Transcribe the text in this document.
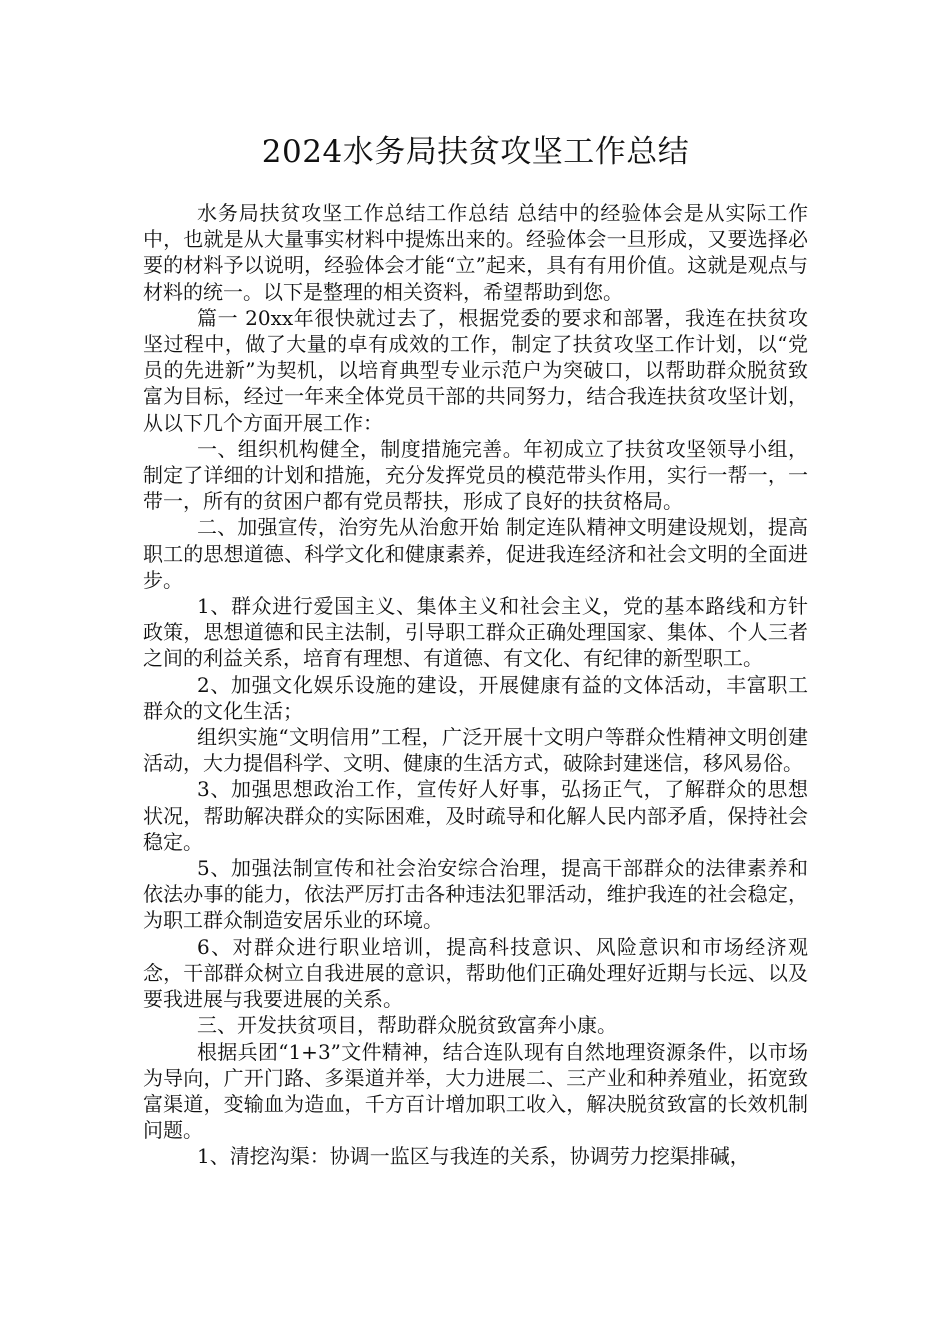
2024水务局扶贫攻坚工作总结

水务局扶贫攻坚工作总结工作总结 总结中的经验体会是从实际工作中，也就是从大量事实材料中提炼出来的。经验体会一旦形成，又要选择必要的材料予以说明，经验体会才能“立”起来，具有有用价值。这就是观点与材料的统一。以下是整理的相关资料，希望帮助到您。

篇一 20xx年很快就过去了，根据党委的要求和部署，我连在扶贫攻坚过程中，做了大量的卓有成效的工作，制定了扶贫攻坚工作计划，以“党员的先进新”为契机，以培育典型专业示范户为突破口，以帮助群众脱贫致富为目标，经过一年来全体党员干部的共同努力，结合我连扶贫攻坚计划，从以下几个方面开展工作：

一、组织机构健全，制度措施完善。年初成立了扶贫攻坚领导小组，制定了详细的计划和措施，充分发挥党员的模范带头作用，实行一帮一，一带一，所有的贫困户都有党员帮扶，形成了良好的扶贫格局。

二、加强宣传，治穷先从治愈开始 制定连队精神文明建设规划，提高职工的思想道德、科学文化和健康素养，促进我连经济和社会文明的全面进步。

1、群众进行爱国主义、集体主义和社会主义，党的基本路线和方针政策，思想道德和民主法制，引导职工群众正确处理国家、集体、个人三者之间的利益关系，培育有理想、有道德、有文化、有纪律的新型职工。

2、加强文化娱乐设施的建设，开展健康有益的文体活动，丰富职工群众的文化生活；

组织实施“文明信用”工程，广泛开展十文明户等群众性精神文明创建活动，大力提倡科学、文明、健康的生活方式，破除封建迷信，移风易俗。

3、加强思想政治工作，宣传好人好事，弘扬正气，了解群众的思想状况，帮助解决群众的实际困难，及时疏导和化解人民内部矛盾，保持社会稳定。

5、加强法制宣传和社会治安综合治理，提高干部群众的法律素养和依法办事的能力，依法严厉打击各种违法犯罪活动，维护我连的社会稳定，为职工群众制造安居乐业的环境。

6、对群众进行职业培训，提高科技意识、风险意识和市场经济观念，干部群众树立自我进展的意识，帮助他们正确处理好近期与长远、以及要我进展与我要进展的关系。

三、开发扶贫项目，帮助群众脱贫致富奔小康。

根据兵团“1+3”文件精神，结合连队现有自然地理资源条件，以市场为导向，广开门路、多渠道并举，大力进展二、三产业和种养殖业，拓宽致富渠道，变输血为造血，千方百计增加职工收入，解决脱贫致富的长效机制问题。

1、清挖沟渠：协调一监区与我连的关系，协调劳力挖渠排碱，
